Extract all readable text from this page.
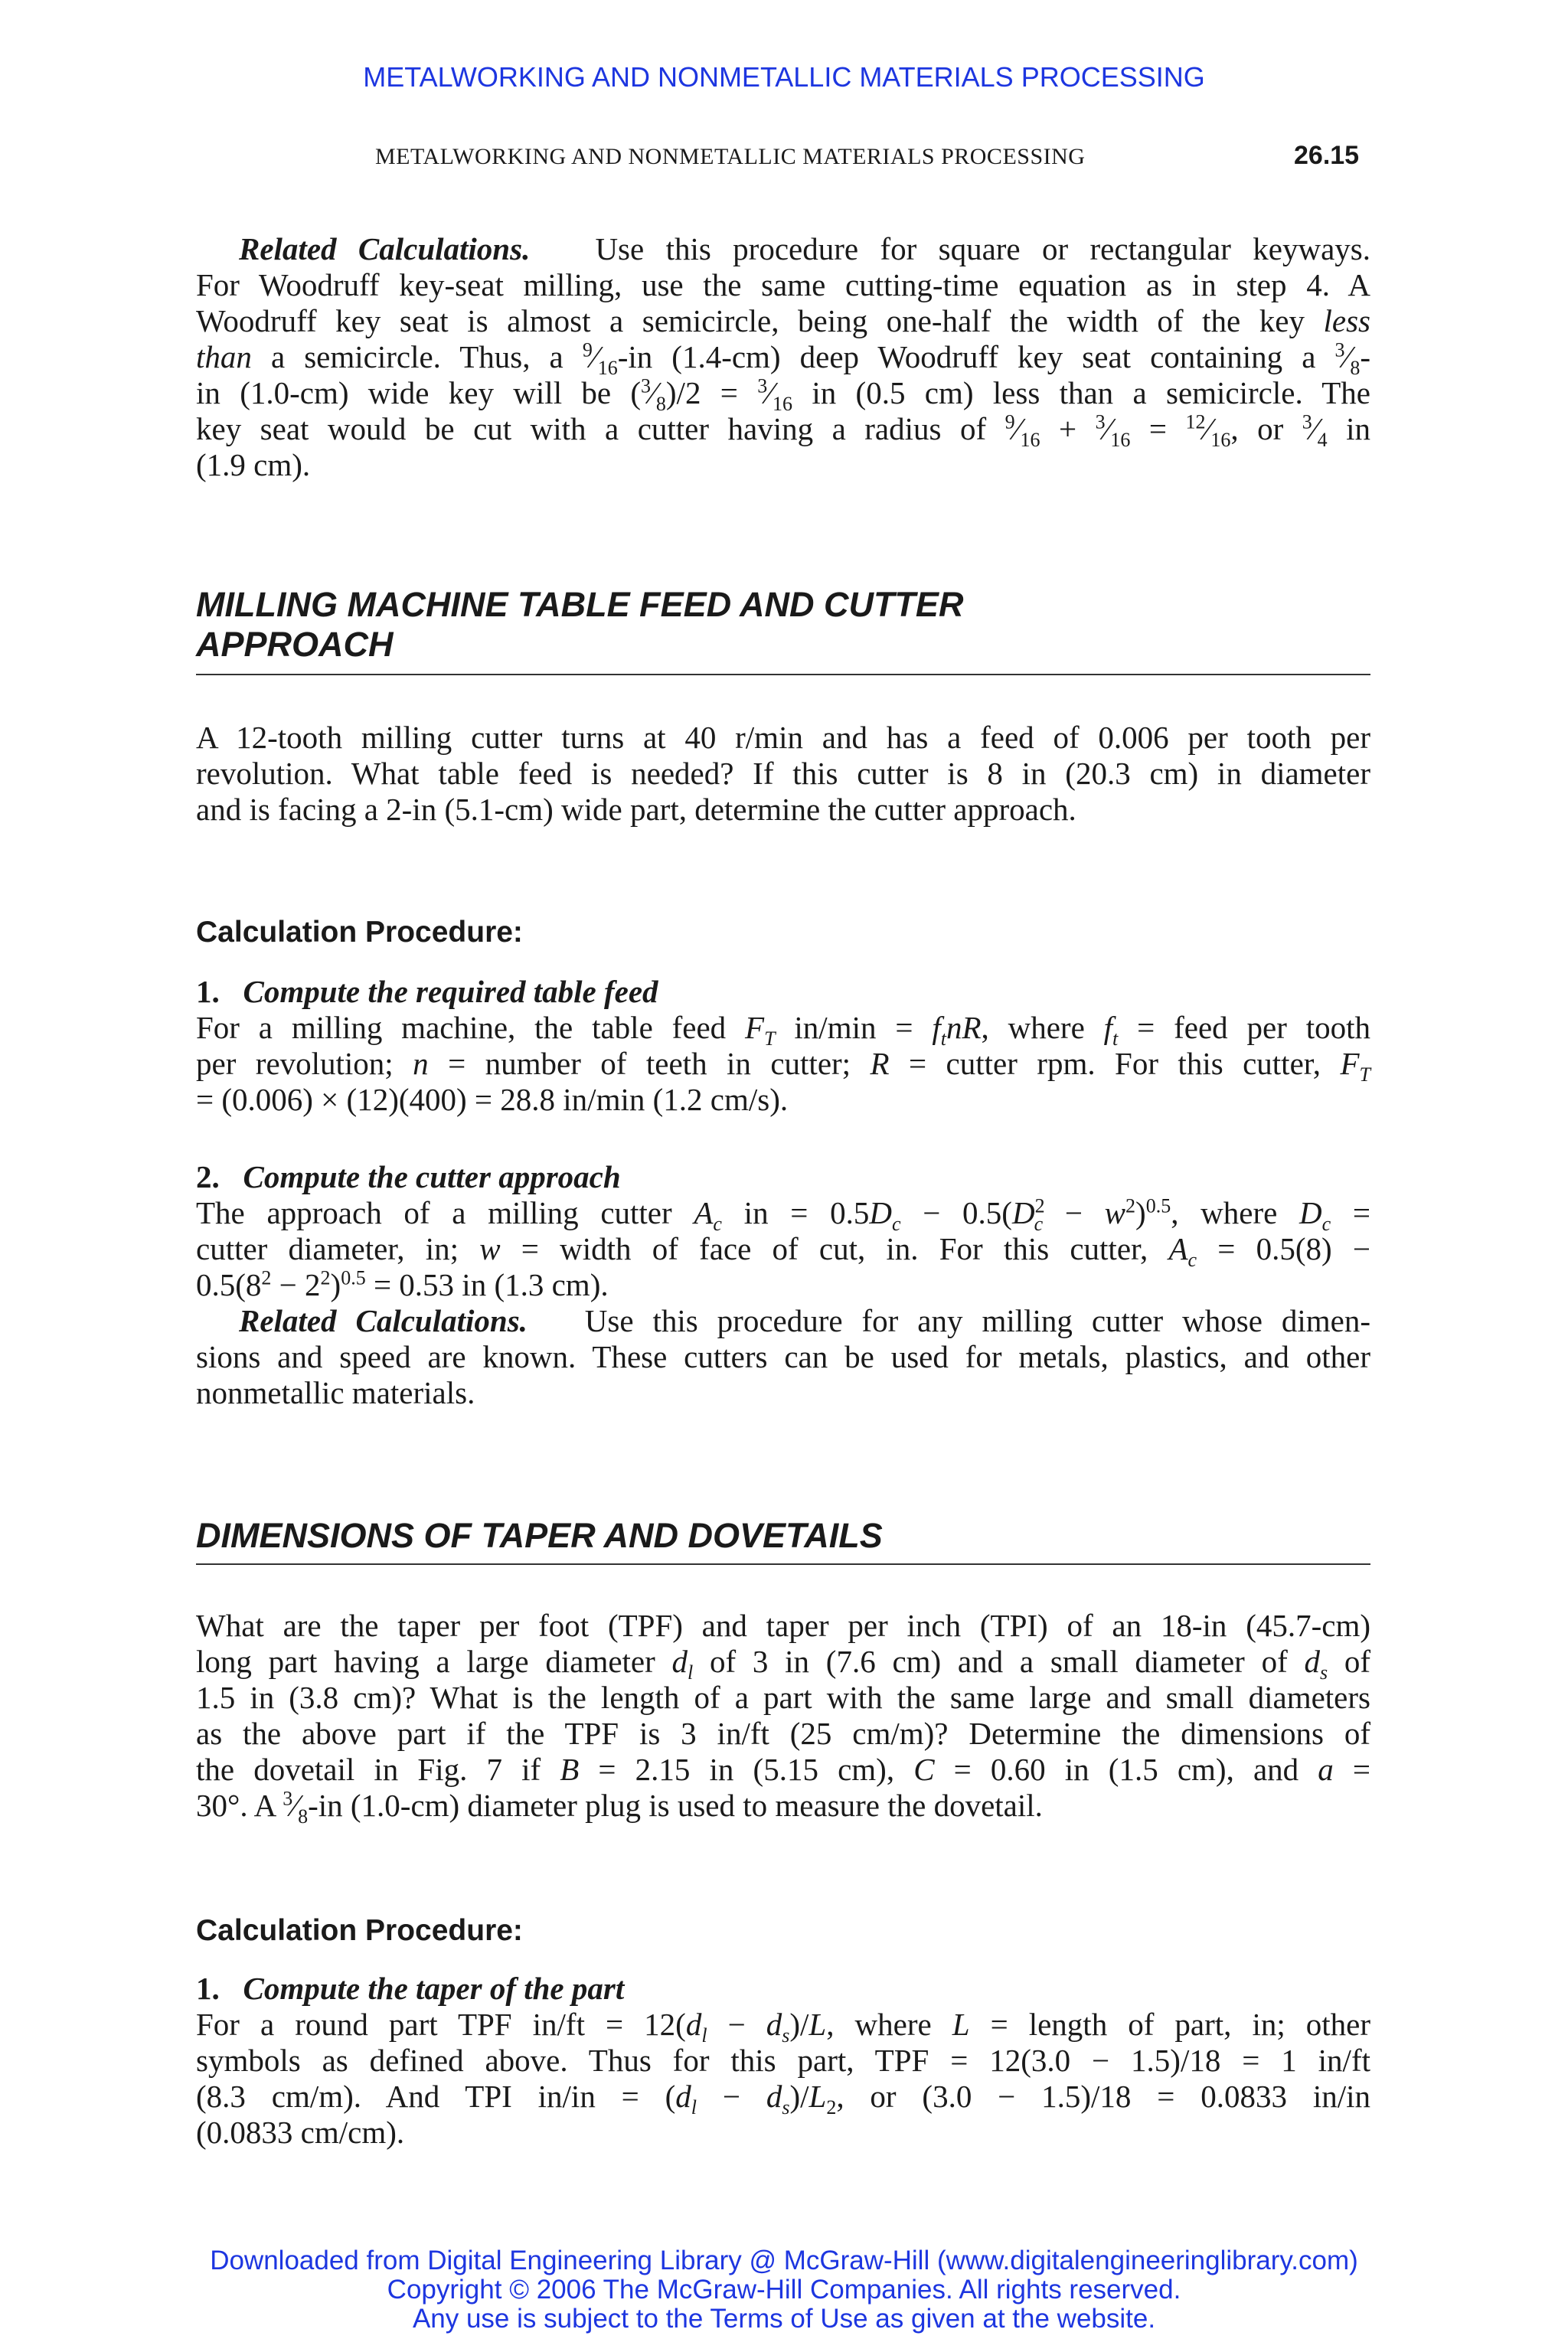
METALWORKING AND NONMETALLIC MATERIALS PROCESSING
METALWORKING AND NONMETALLIC MATERIALS PROCESSING	26.15
Related Calculations.   Use this procedure for square or rectangular keyways.
For Woodruff key-seat milling, use the same cutting-time equation as in step 4. A
Woodruff key seat is almost a semicircle, being one-half the width of the key less
than a semicircle. Thus, a $^9⁄_{16}-in$ (1.4-cm) deep Woodruff key seat containing a $^3⁄_8-$
in (1.0-cm) wide key will be $(^3⁄_8)/2$ = $^3⁄_{16}$ in (0.5 cm) less than a semicircle. The
key seat would be cut with a cutter having a radius of $^9⁄_{16}$ + $^3⁄_{16}$ = $^{12}⁄_{16}$, or $^3⁄_4$ in
(1.9 cm).
MILLING MACHINE TABLE FEED AND CUTTER
APPROACH
A 12-tooth milling cutter turns at 40 r/min and has a feed of 0.006 per tooth per
revolution. What table feed is needed? If this cutter is 8 in (20.3 cm) in diameter
and is facing a 2-in (5.1-cm) wide part, determine the cutter approach.
Calculation Procedure:
1. Compute the required table feed
For a milling machine, the table feed $F_T$ $in/\min = f_tnR$, where $f_t$ = feed per tooth
per revolution; n = number of teeth in cutter; R = cutter rpm. For this cutter, $F_T$
= (0.006) × (12)(400) = 28.8 in/min (1.2 cm/s).
2. Compute the cutter approach
The approach of a milling cutter $A_c$ in = $0.5D_c - 0.5(D^2_c - w^2)^{0.5}$, where $D_c$ =
cutter diameter, in; w = width of face of cut, in. For this cutter, $A_c = 0.5(8)$ −
$0.5(8^2 - 2^2)^{0.5} = 0.53$ in (1.3 cm).
Related Calculations.   Use this procedure for any milling cutter whose dimen-
sions and speed are known. These cutters can be used for metals, plastics, and other
nonmetallic materials.
DIMENSIONS OF TAPER AND DOVETAILS
What are the taper per foot (TPF) and taper per inch (TPI) of an 18-in (45.7-cm)
long part having a large diameter $d_l$ of 3 in (7.6 cm) and a small diameter of $d_s$ of
1.5 in (3.8 cm)? What is the length of a part with the same large and small diameters
as the above part if the TPF is 3 in/ft (25 cm/m)? Determine the dimensions of
the dovetail in Fig. 7 if B = 2.15 in (5.15 cm), C = 0.60 in (1.5 cm), and a =
30°. A $^3⁄_8-in$ (1.0-cm) diameter plug is used to measure the dovetail.
Calculation Procedure:
1. Compute the taper of the part
For a round part TPF $in/ft = 12(d_l - d_s)/L$, where L = length of part, in; other
symbols as defined above. Thus for this part, TPF = 12(3.0 − 1.5)/18 = 1 in/ft
(8.3 cm/m). And TPI $in/in = (d_l - d_s)/L_2$, or (3.0 − 1.5)/18 = 0.0833 in/in
(0.0833 cm/cm).
Downloaded from Digital Engineering Library @ McGraw-Hill (www.digitalengineeringlibrary.com)
Copyright © 2006 The McGraw-Hill Companies. All rights reserved.
Any use is subject to the Terms of Use as given at the website.
